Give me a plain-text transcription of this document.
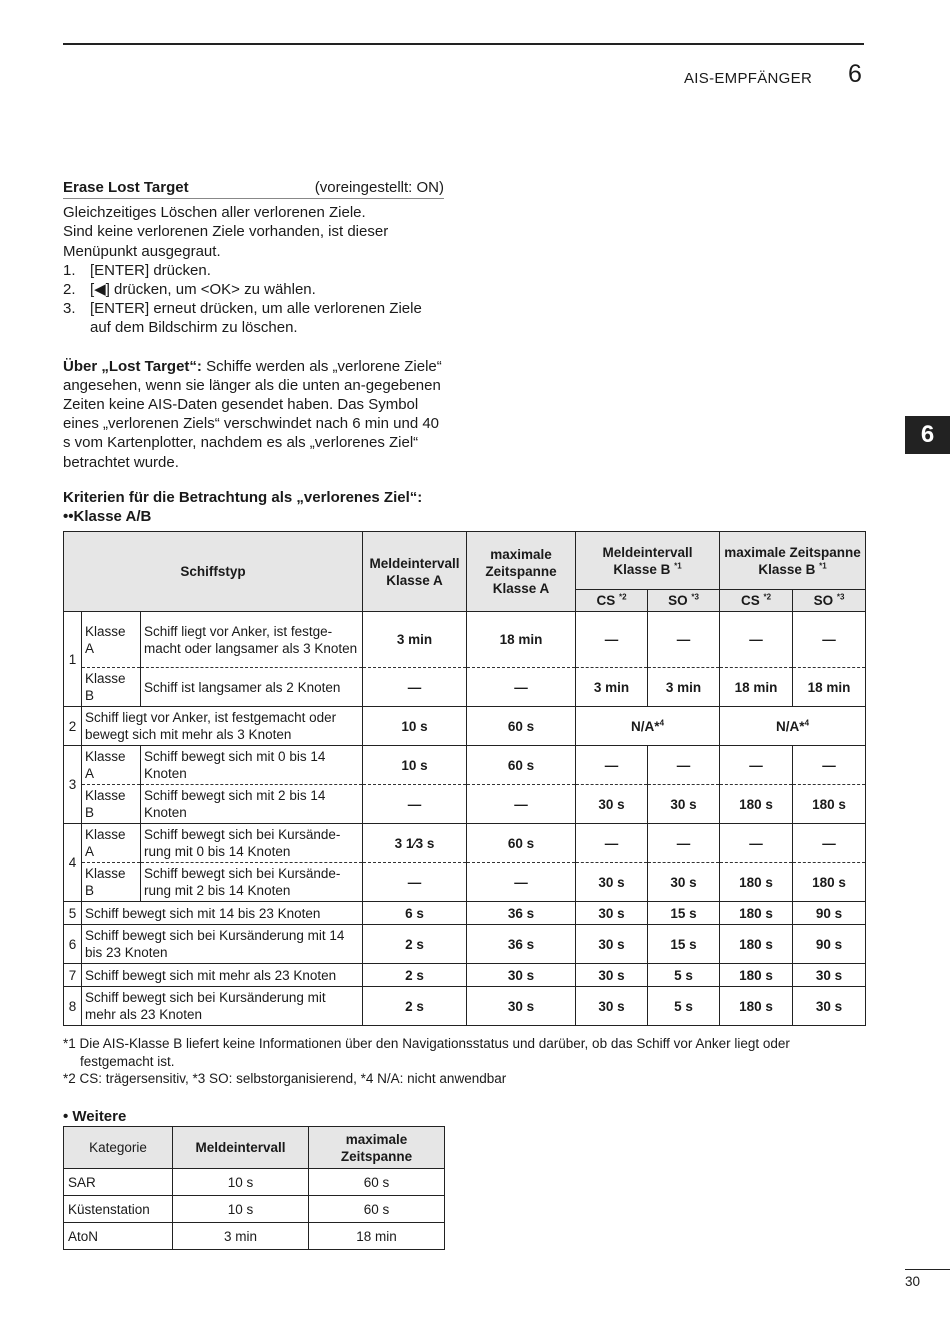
AIS-EMPFÄNGER 6
6
Erase Lost Target	(voreingestellt: ON)

Gleichzeitiges Löschen aller verlorenen Ziele.

Sind keine verlorenen Ziele vorhanden, ist dieser Menüpunkt ausgegraut.

1. [ENTER] drücken.
2. [◀] drücken, um <OK> zu wählen.
3. [ENTER] erneut drücken, um alle verlorenen Ziele auf dem Bildschirm zu löschen.

Über „Lost Target“: Schiffe werden als „verlorene Ziele“ angesehen, wenn sie länger als die unten an-gegebenen Zeiten keine AIS-Daten gesendet haben. Das Symbol eines „verlorenen Ziels“ verschwindet nach 6 min und 40 s vom Kartenplotter, nachdem es als „verlorenes Ziel“ betrachtet wurde.

Kriterien für die Betrachtung als „verlorenes Ziel“:
••Klasse A/B
Schiffstyp			Meldeintervall Klasse A	maximale Zeitspanne Klasse A	Meldeintervall Klasse B $^{*1}$		maximale Zeitspanne Klasse B $^{*1}$
					CS $^{*2}$	SO $^{*3}$	CS $^{*2}$	SO $^{*3}$
1	Klasse A	Schiff liegt vor Anker, ist festge-macht oder langsamer als 3 Knoten	3 min	18 min	—	—	—	—
	Klasse B	Schiff ist langsamer als 2 Knoten	—	—	3 min	3 min	18 min	18 min
2	Schiff liegt vor Anker, ist festgemacht oder bewegt sich mit mehr als 3 Knoten		10 s	60 s	N/A*$^4$		N/A*$^4$
3	Klasse A	Schiff bewegt sich mit 0 bis 14 Knoten	10 s	60 s	—	—	—	—
	Klasse B	Schiff bewegt sich mit 2 bis 14 Knoten	—	—	30 s	30 s	180 s	180 s
4	Klasse A	Schiff bewegt sich bei Kursände-rung mit 0 bis 14 Knoten	3 1⁄3 s	60 s	—	—	—	—
	Klasse B	Schiff bewegt sich bei Kursände-rung mit 2 bis 14 Knoten	—	—	30 s	30 s	180 s	180 s
5	Schiff bewegt sich mit 14 bis 23 Knoten		6 s	36 s	30 s	15 s	180 s	90 s
6	Schiff bewegt sich bei Kursänderung mit 14 bis 23 Knoten		2 s	36 s	30 s	15 s	180 s	90 s
7	Schiff bewegt sich mit mehr als 23 Knoten		2 s	30 s	30 s	5 s	180 s	30 s
8	Schiff bewegt sich bei Kursänderung mit mehr als 23 Knoten		2 s	30 s	30 s	5 s	180 s	30 s

*1 Die AIS-Klasse B liefert keine Informationen über den Navigationsstatus und darüber, ob das Schiff vor Anker liegt oder festgemacht ist.

*2 CS: trägersensitiv, *3 SO: selbstorganisierend, *4 N/A: nicht anwendbar

• Weitere
Kategorie	Meldeintervall	maximale Zeitspanne
SAR	10 s	60 s
Küstenstation	10 s	60 s
AtoN	3 min	18 min
30
